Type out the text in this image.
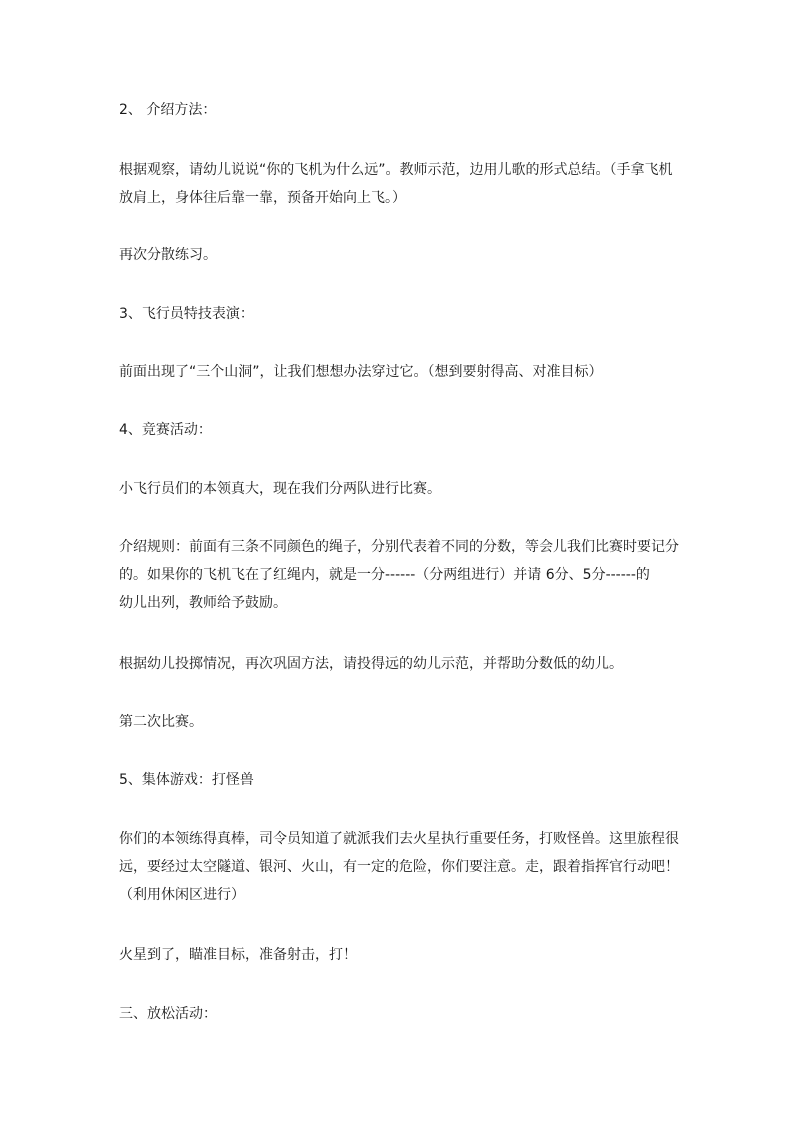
2、 介绍方法：

根据观察，请幼儿说说“你的飞机为什么远”。教师示范，边用儿歌的形式总结。（手拿飞机
放肩上，身体往后靠一靠，预备开始向上飞。）

再次分散练习。

3、飞行员特技表演：

前面出现了“三个山洞”，让我们想想办法穿过它。（想到要射得高、对准目标）

4、竞赛活动：

小飞行员们的本领真大，现在我们分两队进行比赛。

介绍规则：前面有三条不同颜色的绳子，分别代表着不同的分数，等会儿我们比赛时要记分
的。如果你的飞机飞在了红绳内，就是一分------（分两组进行）并请 6分、5分------的
幼儿出列，教师给予鼓励。

根据幼儿投掷情况，再次巩固方法，请投得远的幼儿示范，并帮助分数低的幼儿。

第二次比赛。

5、集体游戏：打怪兽

你们的本领练得真棒，司令员知道了就派我们去火星执行重要任务，打败怪兽。这里旅程很
远，要经过太空隧道、银河、火山，有一定的危险，你们要注意。走，跟着指挥官行动吧！
（利用休闲区进行）

火星到了，瞄准目标，准备射击，打！

三、放松活动：
